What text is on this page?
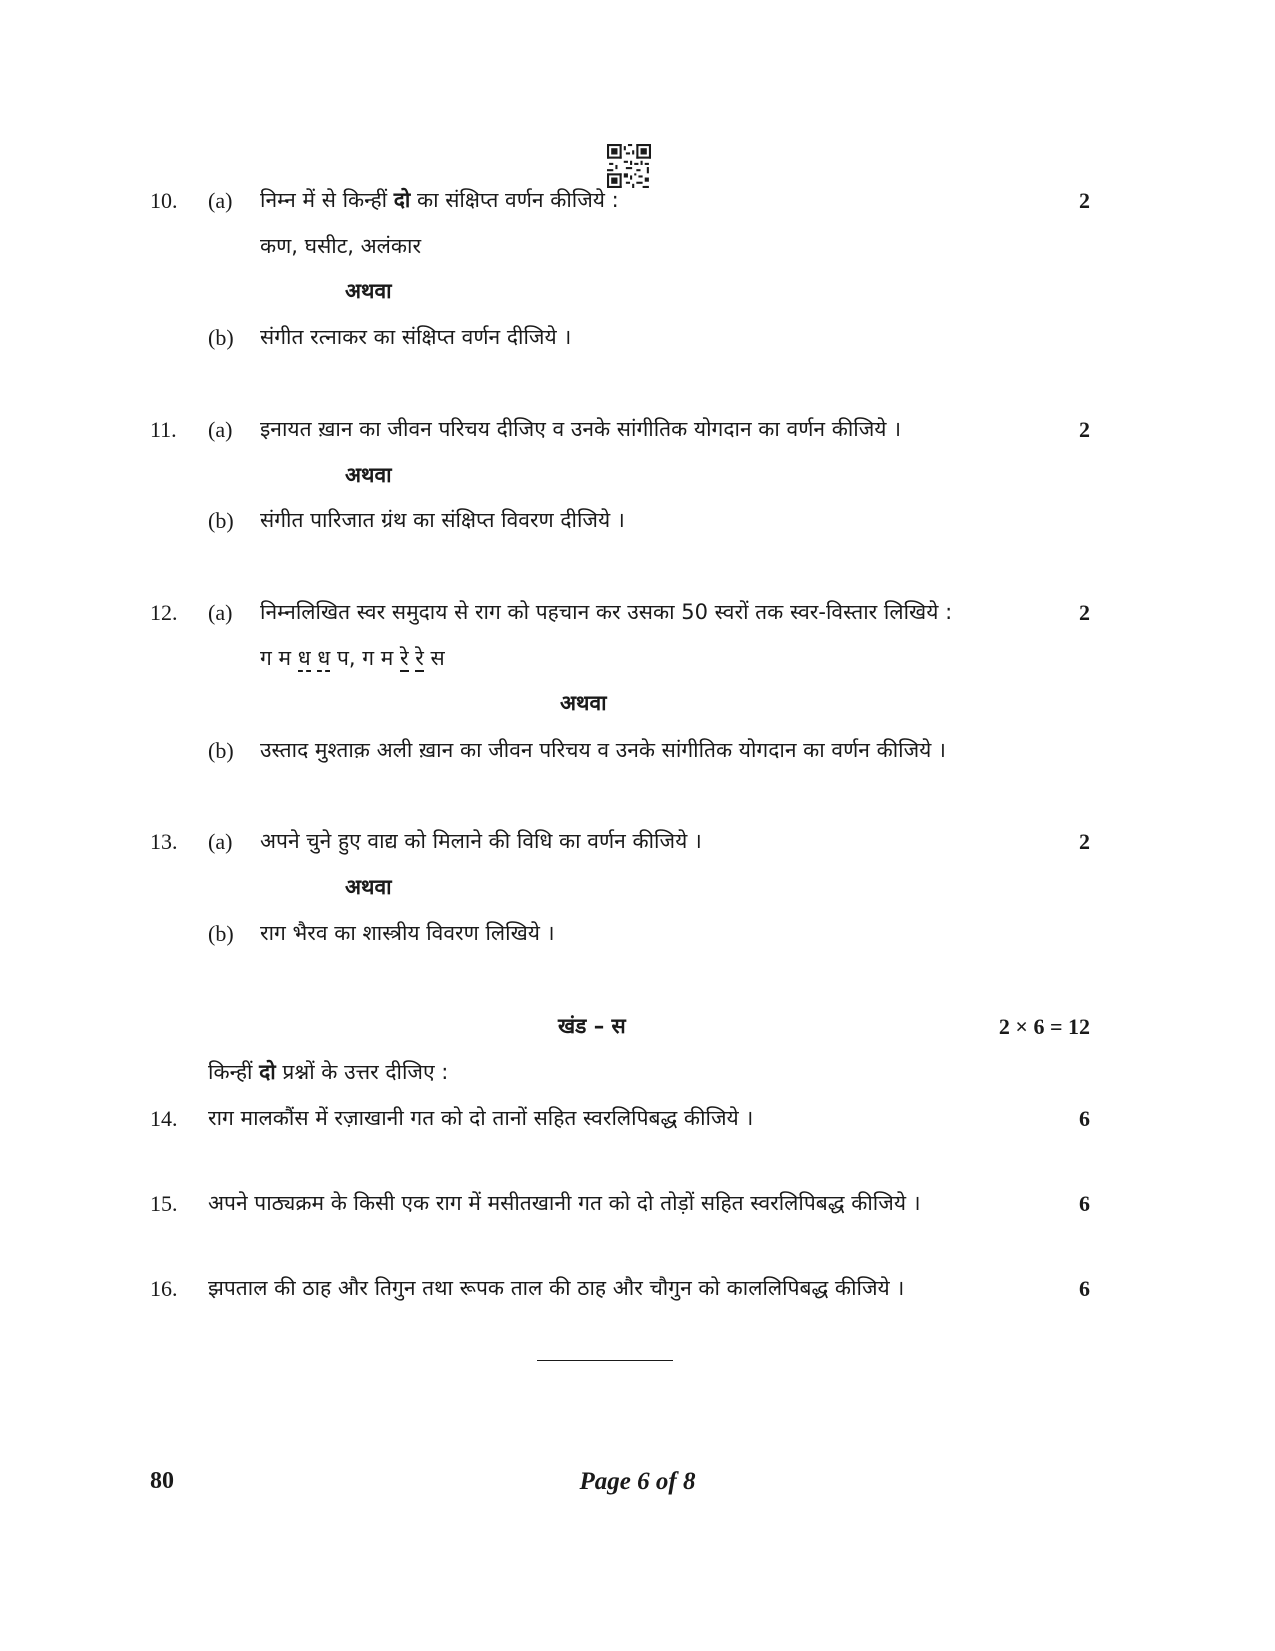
10. (a) निम्न में से किन्हीं दो का संक्षिप्त वर्णन कीजिये :	2
कण, घसीट, अलंकार
अथवा
(b) संगीत रत्नाकर का संक्षिप्त वर्णन दीजिये ।
11. (a) इनायत ख़ान का जीवन परिचय दीजिए व उनके सांगीतिक योगदान का वर्णन कीजिये ।	2
अथवा
(b) संगीत पारिजात ग्रंथ का संक्षिप्त विवरण दीजिये ।
12. (a) निम्नलिखित स्वर समुदाय से राग को पहचान कर उसका 50 स्वरों तक स्वर-विस्तार लिखिये :	2
ग म ध ध प, ग म रे रे स
अथवा
(b) उस्ताद मुश्ताक़ अली ख़ान का जीवन परिचय व उनके सांगीतिक योगदान का वर्णन कीजिये ।
13. (a) अपने चुने हुए वाद्य को मिलाने की विधि का वर्णन कीजिये ।	2
अथवा
(b) राग भैरव का शास्त्रीय विवरण लिखिये ।
खंड – स	2 × 6 = 12
किन्हीं दो प्रश्नों के उत्तर दीजिए :
14. राग मालकौंस में रज़ाखानी गत को दो तानों सहित स्वरलिपिबद्ध कीजिये ।	6
15. अपने पाठ्यक्रम के किसी एक राग में मसीतखानी गत को दो तोड़ों सहित स्वरलिपिबद्ध कीजिये ।	6
16. झपताल की ठाह और तिगुन तथा रूपक ताल की ठाह और चौगुन को काललिपिबद्ध कीजिये ।	6
80	Page 6 of 8
